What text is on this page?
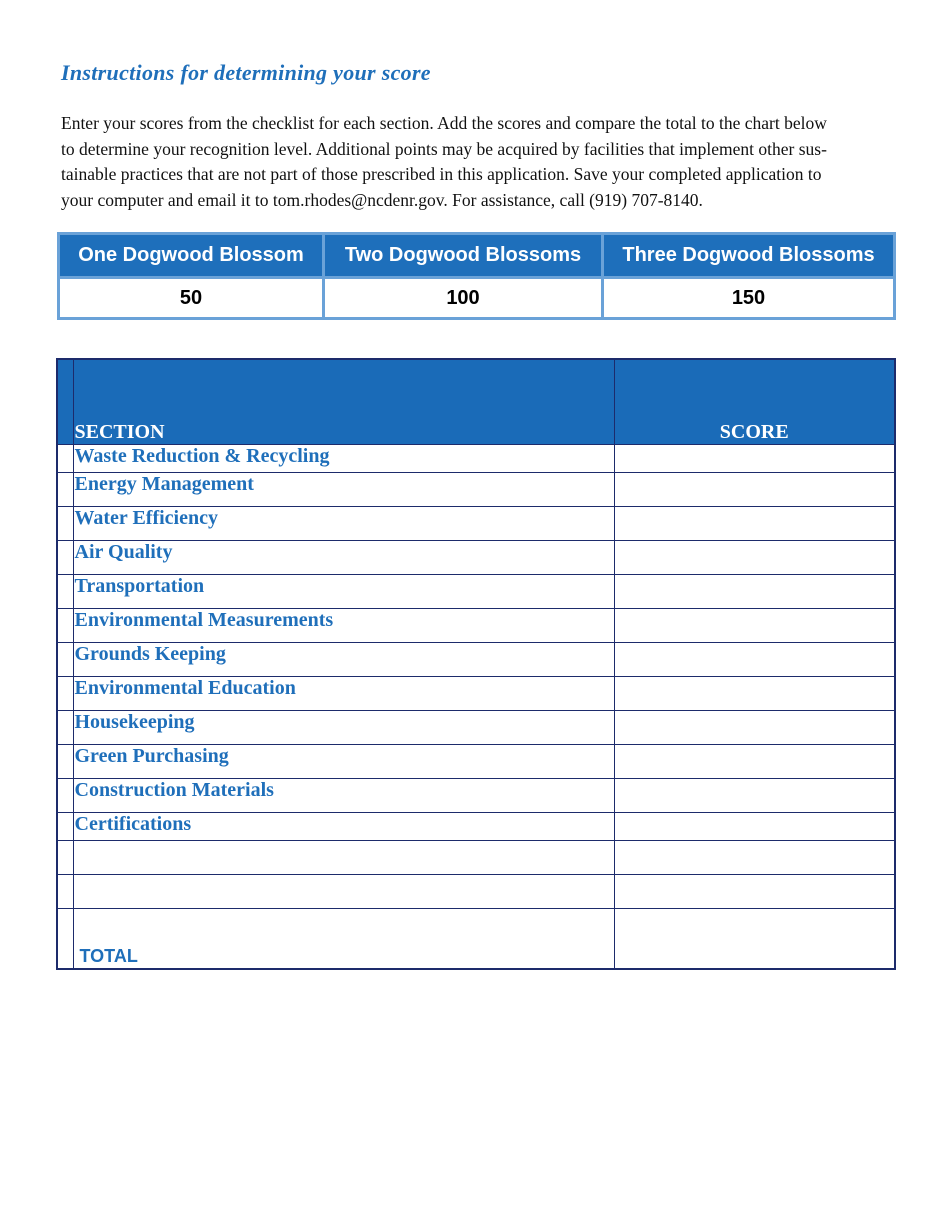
Instructions for determining your score

Enter your scores from the checklist for each section. Add the scores and compare the total to the chart below
to determine your recognition level. Additional points may be acquired by facilities that implement other sus-
tainable practices that are not part of those prescribed in this application. Save your completed application to
your computer and email it to tom.rhodes@ncdenr.gov. For assistance, call (919) 707-8140.

One Dogwood Blossom	Two Dogwood Blossoms	Three Dogwood Blossoms
50	100	150
	SECTION	SCORE
	Waste Reduction & Recycling	
	Energy Management	
	Water Efficiency	
	Air Quality	
	Transportation	
	Environmental Measurements	
	Grounds Keeping	
	Environmental Education	
	Housekeeping	
	Green Purchasing	
	Construction Materials	
	Certifications	

	TOTAL	
